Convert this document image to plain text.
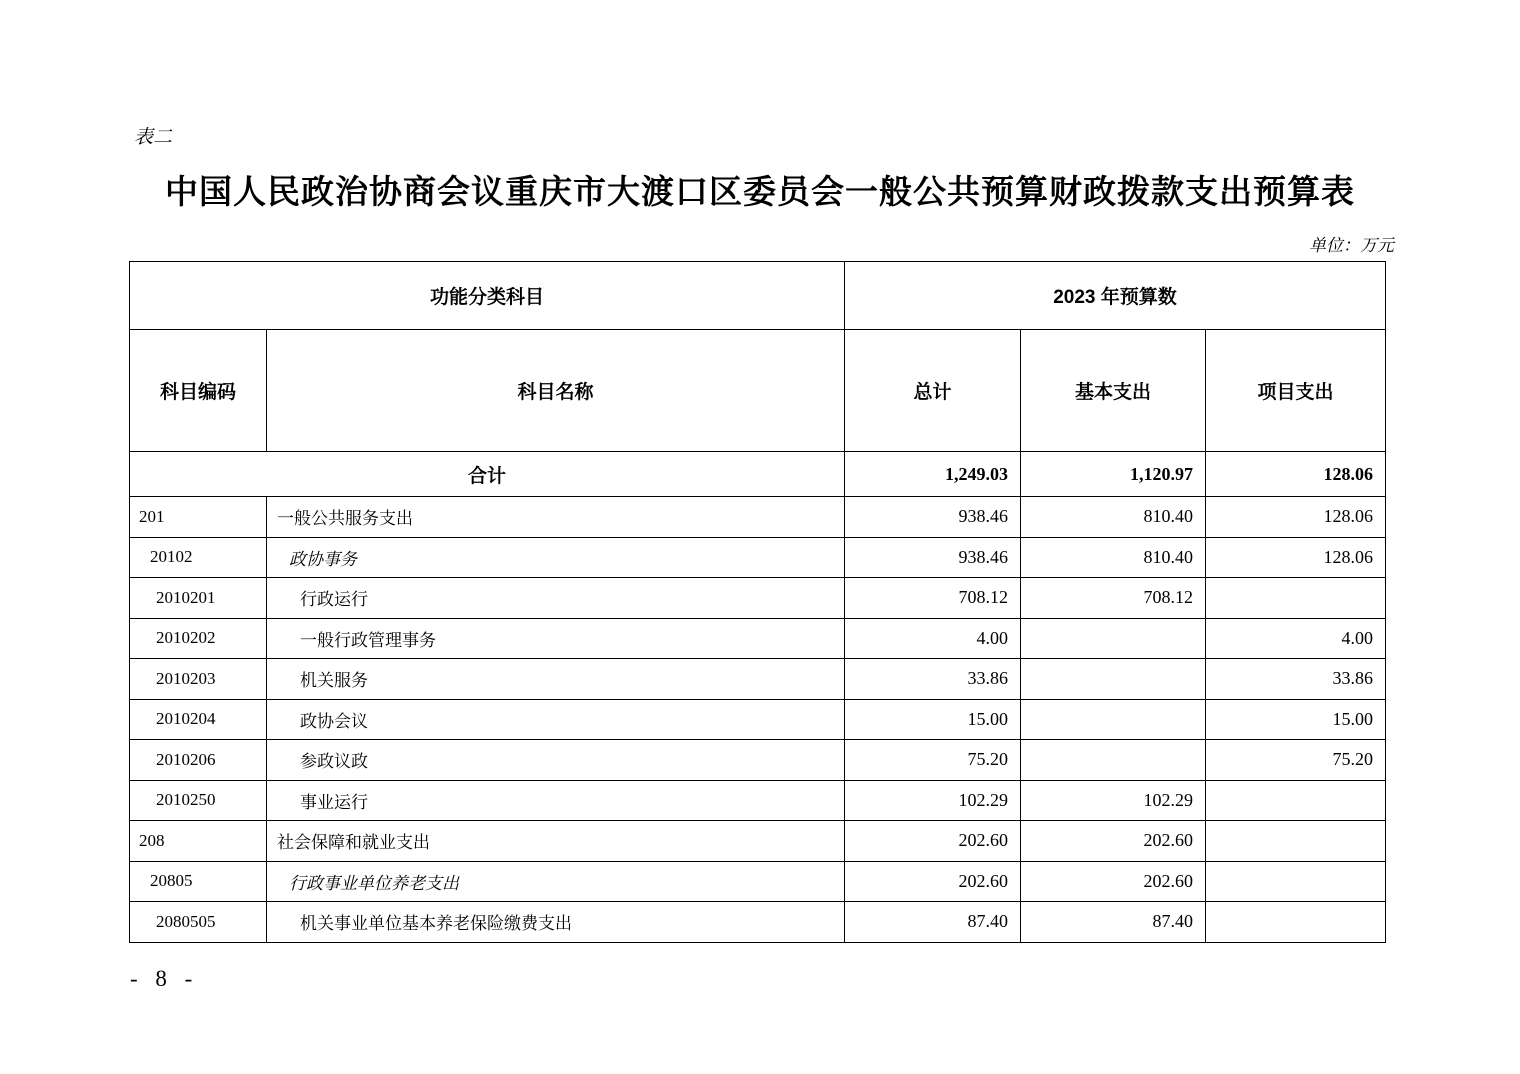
表二
中国人民政治协商会议重庆市大渡口区委员会一般公共预算财政拨款支出预算表
单位：万元
功能分类科目		2023 年预算数		
科目编码	科目名称	总计	基本支出	项目支出
合计		1,249.03	1,120.97	128.06
201	一般公共服务支出	938.46	810.40	128.06
20102	政协事务	938.46	810.40	128.06
2010201	行政运行	708.12	708.12	
2010202	一般行政管理事务	4.00		4.00
2010203	机关服务	33.86		33.86
2010204	政协会议	15.00		15.00
2010206	参政议政	75.20		75.20
2010250	事业运行	102.29	102.29	
208	社会保障和就业支出	202.60	202.60	
20805	行政事业单位养老支出	202.60	202.60	
2080505	机关事业单位基本养老保险缴费支出	87.40	87.40	
- 8 -
